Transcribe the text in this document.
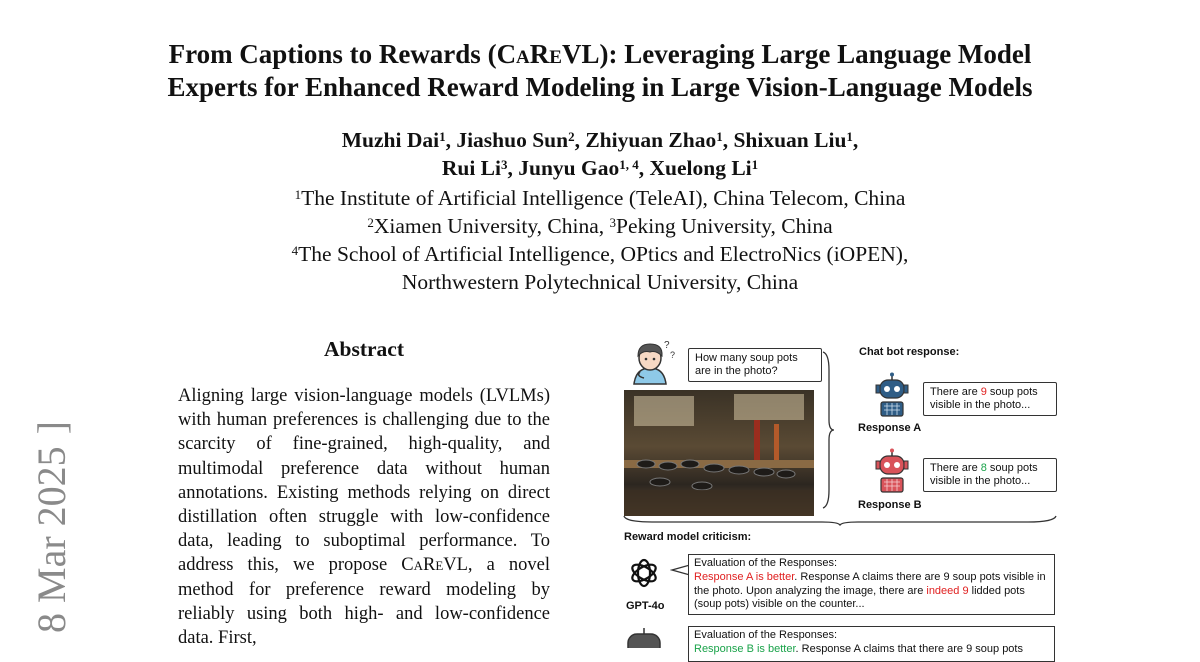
From Captions to Rewards (CaReVL): Leveraging Large Language Model
Experts for Enhanced Reward Modeling in Large Vision-Language Models
Muzhi Dai$^1$, Jiashuo Sun$^2$, Zhiyuan Zhao$^1$, Shixuan Liu$^1$,
Rui Li$^3$, Junyu Gao$^{1, 4}$, Xuelong Li$^1$
$^1$The Institute of Artificial Intelligence (TeleAI), China Telecom, China
$^2$Xiamen University, China, $^3$Peking University, China
$^4$The School of Artificial Intelligence, OPtics and ElectroNics (iOPEN),
Northwestern Polytechnical University, China
8 Mar 2025]
Abstract
Aligning large vision-language models (LVLMs) with human preferences is challenging due to the scarcity of fine-grained, high-quality, and multimodal preference data without human annotations. Existing methods relying on direct distillation often struggle with low-confidence data, leading to suboptimal performance. To address this, we propose CaReVL, a novel method for preference reward modeling by reliably using both high- and low-confidence data. First,
?
?	How many soup pots are in the photo?
Chat bot response:
There are 9 soup pots visible in the photo...
Response A
There are 8 soup pots visible in the photo...
Response B
Reward model criticism:
GPT-4o
Evaluation of the Responses:
Response A is better. Response A claims there are 9 soup pots visible in the photo. Upon analyzing the image, there are indeed 9 lidded pots (soup pots) visible on the counter...
Evaluation of the Responses:
Response B is better. Response A claims that there are 9 soup pots
